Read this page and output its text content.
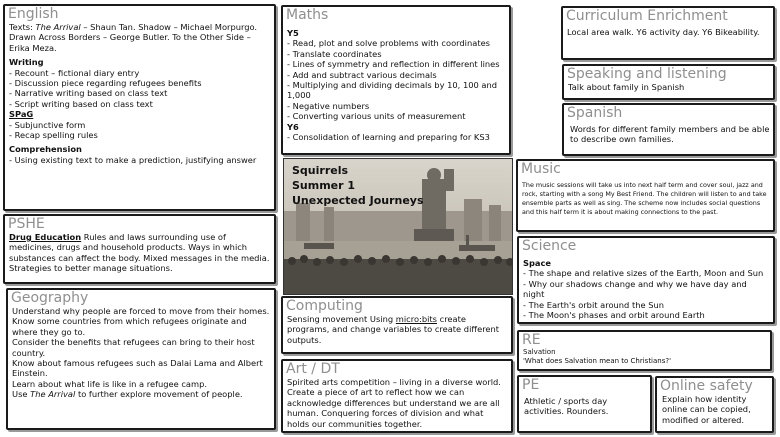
English

Texts: The Arrival – Shaun Tan. Shadow – Michael Morpurgo. Drawn Across Borders – George Butler. To the Other Side – Erika Meza.

Writing

- Recount – fictional diary entry

- Discussion piece regarding refugees benefits

- Narrative writing based on class text

- Script writing based on class text

SPaG

- Subjunctive form

- Recap spelling rules

Comprehension

- Using existing text to make a prediction, justifying answer

Maths

Y5

- Read, plot and solve problems with coordinates

- Translate coordinates

- Lines of symmetry and reflection in different lines

- Add and subtract various decimals

- Multiplying and dividing decimals by 10, 100 and 1,000

- Negative numbers

- Converting various units of measurement

Y6

- Consolidation of learning and preparing for KS3

Curriculum Enrichment
Local area walk. Y6 activity day. Y6 Bikeability.
Speaking and listening
Talk about family in Spanish
Spanish
Words for different family members and be able to describe own families.
Music
The music sessions will take us into next half term and cover soul, jazz and rock, starting with a song My Best Friend. The children will listen to and take ensemble parts as well as sing. The scheme now includes social questions and this half term it is about making connections to the past.
Squirrels
Summer 1
Unexpected Journeys
PSHE
Drug Education Rules and laws surrounding use of medicines, drugs and household products. Ways in which substances can affect the body. Mixed messages in the media. Strategies to better manage situations.
Science

Space

- The shape and relative sizes of the Earth, Moon and Sun

- Why our shadows change and why we have day and night

- The Earth's orbit around the Sun

- The Moon's phases and orbit around Earth

Geography

Understand why people are forced to move from their homes.

Know some countries from which refugees originate and where they go to.

Consider the benefits that refugees can bring to their host country.

Know about famous refugees such as Dalai Lama and Albert Einstein.

Learn about what life is like in a refugee camp.

Use The Arrival to further explore movement of people.

Computing
Sensing movement Using micro:bits create programs, and change variables to create different outputs.	RE

Salvation

'What does Salvation mean to Christians?'

Art / DT
Spirited arts competition – living in a diverse world. Create a piece of art to reflect how we can acknowledge differences but understand we are all human. Conquering forces of division and what holds our communities together.
PE
Athletic / sports day activities. Rounders.
Online safety
Explain how identity online can be copied, modified or altered.
